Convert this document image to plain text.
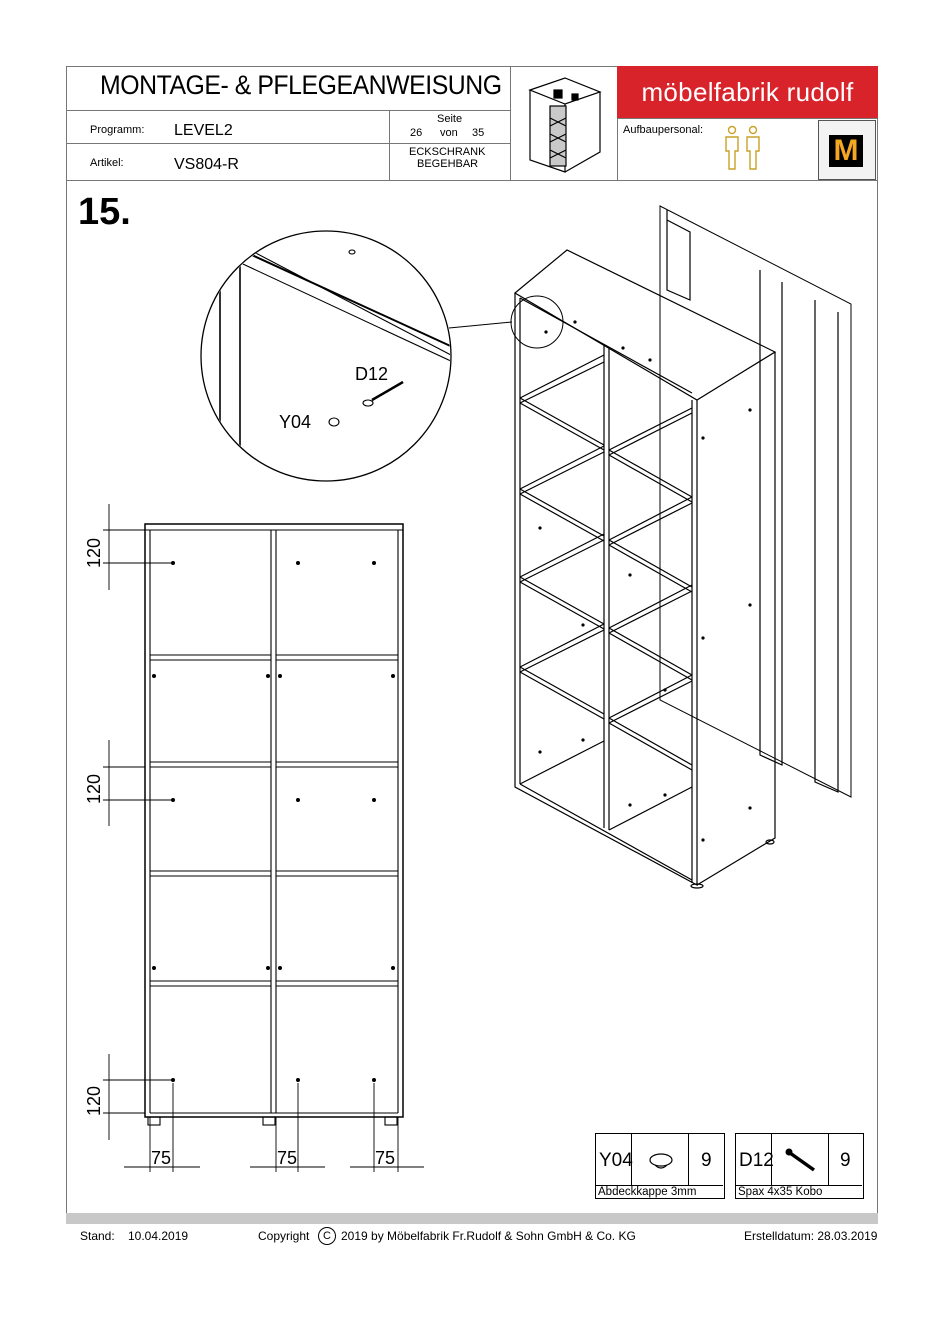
MONTAGE- & PFLEGEANWEISUNG
Programm: LEVEL2
Artikel:	VS804-R
Seite
26 von 35
ECKSCHRANK
BEGEHBAR
möbelfabrik rudolf
Aufbaupersonal:

M
15.
120
120
120
75	75	75
D12
Y04
Y04	9
Abdeckkappe 3mm
D12	9
Spax 4x35 Kobo
Stand: 10.04.2019	Copyright	C 2019 by Möbelfabrik Fr.Rudolf & Sohn GmbH & Co. KG	Erstelldatum: 28.03.2019
